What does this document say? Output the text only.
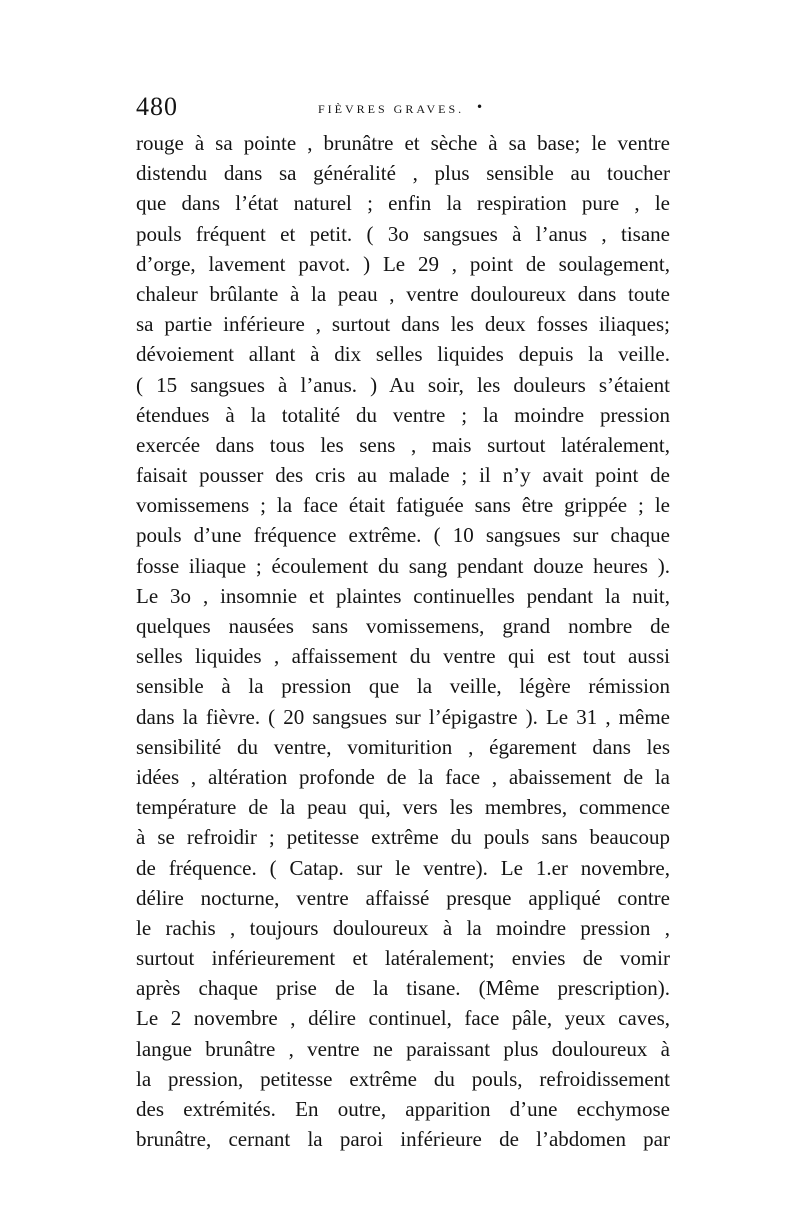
480	FIÈVRES GRAVES. •
rouge à sa pointe , brunâtre et sèche à sa base; le ventre
distendu dans sa généralité , plus sensible au toucher
que dans l’état naturel ; enfin la respiration pure , le
pouls fréquent et petit. ( 3o sangsues à l’anus , tisane
d’orge, lavement pavot. ) Le 29 , point de soulagement,
chaleur brûlante à la peau , ventre douloureux dans toute
sa partie inférieure , surtout dans les deux fosses iliaques;
dévoiement allant à dix selles liquides depuis la veille.
( 15 sangsues à l’anus. ) Au soir, les douleurs s’étaient
étendues à la totalité du ventre ; la moindre pression
exercée dans tous les sens , mais surtout latéralement,
faisait pousser des cris au malade ; il n’y avait point de
vomissemens ; la face était fatiguée sans être grippée ; le
pouls d’une fréquence extrême. ( 10 sangsues sur chaque
fosse iliaque ; écoulement du sang pendant douze heures ).
Le 3o , insomnie et plaintes continuelles pendant la nuit,
quelques nausées sans vomissemens, grand nombre de
selles liquides , affaissement du ventre qui est tout aussi
sensible à la pression que la veille, légère rémission
dans la fièvre. ( 20 sangsues sur l’épigastre ). Le 31 , même
sensibilité du ventre, vomiturition , égarement dans les
idées , altération profonde de la face , abaissement de la
température de la peau qui, vers les membres, commence
à se refroidir ; petitesse extrême du pouls sans beaucoup
de fréquence. ( Catap. sur le ventre). Le 1.er novembre,
délire nocturne, ventre affaissé presque appliqué contre
le rachis , toujours douloureux à la moindre pression ,
surtout inférieurement et latéralement; envies de vomir
après chaque prise de la tisane. (Même prescription).
Le 2 novembre , délire continuel, face pâle, yeux caves,
langue brunâtre , ventre ne paraissant plus douloureux à
la pression, petitesse extrême du pouls, refroidissement
des extrémités. En outre, apparition d’une ecchymose
brunâtre, cernant la paroi inférieure de l’abdomen par
